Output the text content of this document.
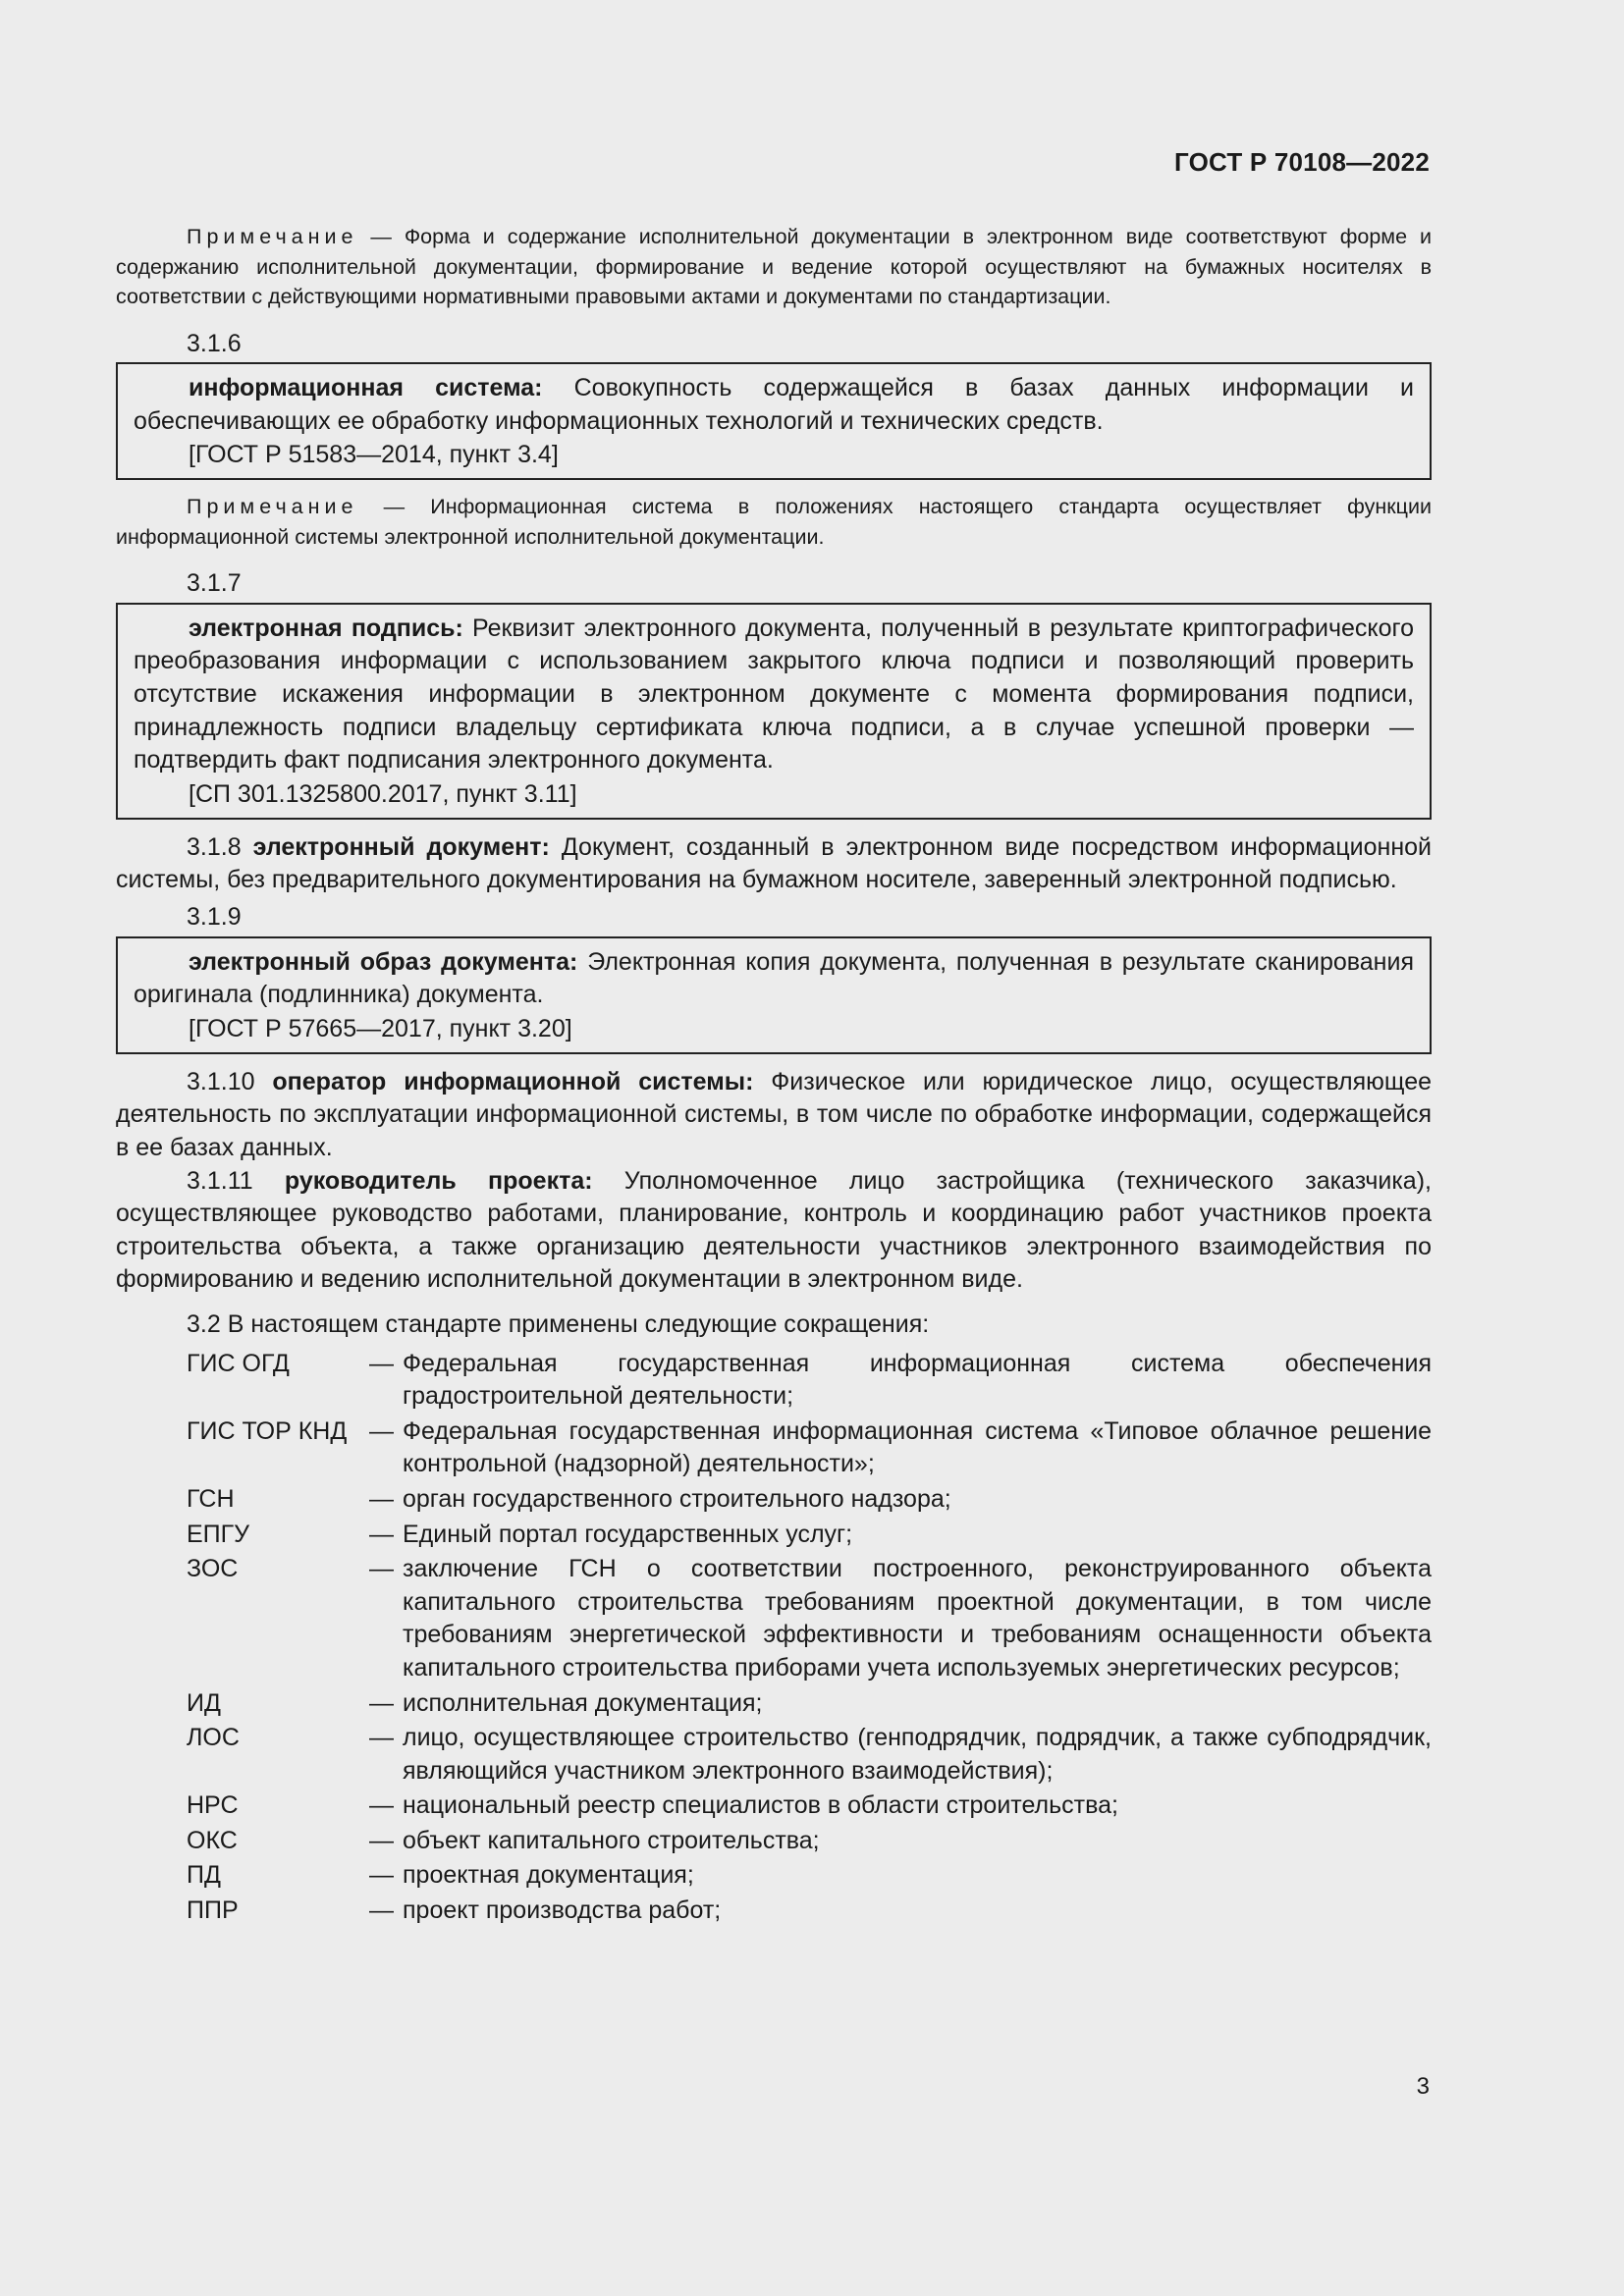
ГОСТ Р 70108—2022

Примечание — Форма и содержание исполнительной документации в электронном виде соответствуют форме и содержанию исполнительной документации, формирование и ведение которой осуществляют на бумажных носителях в соответствии с действующими нормативными правовыми актами и документами по стандартизации.

3.1.6

информационная система: Совокупность содержащейся в базах данных информации и обеспечивающих ее обработку информационных технологий и технических средств.

[ГОСТ Р 51583—2014, пункт 3.4]

Примечание — Информационная система в положениях настоящего стандарта осуществляет функции информационной системы электронной исполнительной документации.

3.1.7

электронная подпись: Реквизит электронного документа, полученный в результате криптографического преобразования информации с использованием закрытого ключа подписи и позволяющий проверить отсутствие искажения информации в электронном документе с момента формирования подписи, принадлежность подписи владельцу сертификата ключа подписи, а в случае успешной проверки — подтвердить факт подписания электронного документа.

[СП 301.1325800.2017, пункт 3.11]

3.1.8 электронный документ: Документ, созданный в электронном виде посредством информационной системы, без предварительного документирования на бумажном носителе, заверенный электронной подписью.

3.1.9

электронный образ документа: Электронная копия документа, полученная в результате сканирования оригинала (подлинника) документа.

[ГОСТ Р 57665—2017, пункт 3.20]

3.1.10 оператор информационной системы: Физическое или юридическое лицо, осуществляющее деятельность по эксплуатации информационной системы, в том числе по обработке информации, содержащейся в ее базах данных.

3.1.11 руководитель проекта: Уполномоченное лицо застройщика (технического заказчика), осуществляющее руководство работами, планирование, контроль и координацию работ участников проекта строительства объекта, а также организацию деятельности участников электронного взаимодействия по формированию и ведению исполнительной документации в электронном виде.

3.2 В настоящем стандарте применены следующие сокращения:

ГИС ОГД	— Федеральная государственная информационная система обеспечения градостроительной деятельности;
ГИС ТОР КНД — Федеральная государственная информационная система «Типовое облачное решение контрольной (надзорной) деятельности»;
ГСН	— орган государственного строительного надзора;
ЕПГУ	— Единый портал государственных услуг;
ЗОС	— заключение ГСН о соответствии построенного, реконструированного объекта капитального строительства требованиям проектной документации, в том числе требованиям энергетической эффективности и требованиям оснащенности объекта капитального строительства приборами учета используемых энергетических ресурсов;
ИД	— исполнительная документация;
ЛОС	— лицо, осуществляющее строительство (генподрядчик, подрядчик, а также субподрядчик, являющийся участником электронного взаимодействия);
НРС	— национальный реестр специалистов в области строительства;
ОКС	— объект капитального строительства;
ПД	— проектная документация;
ППР	— проект производства работ;
3
